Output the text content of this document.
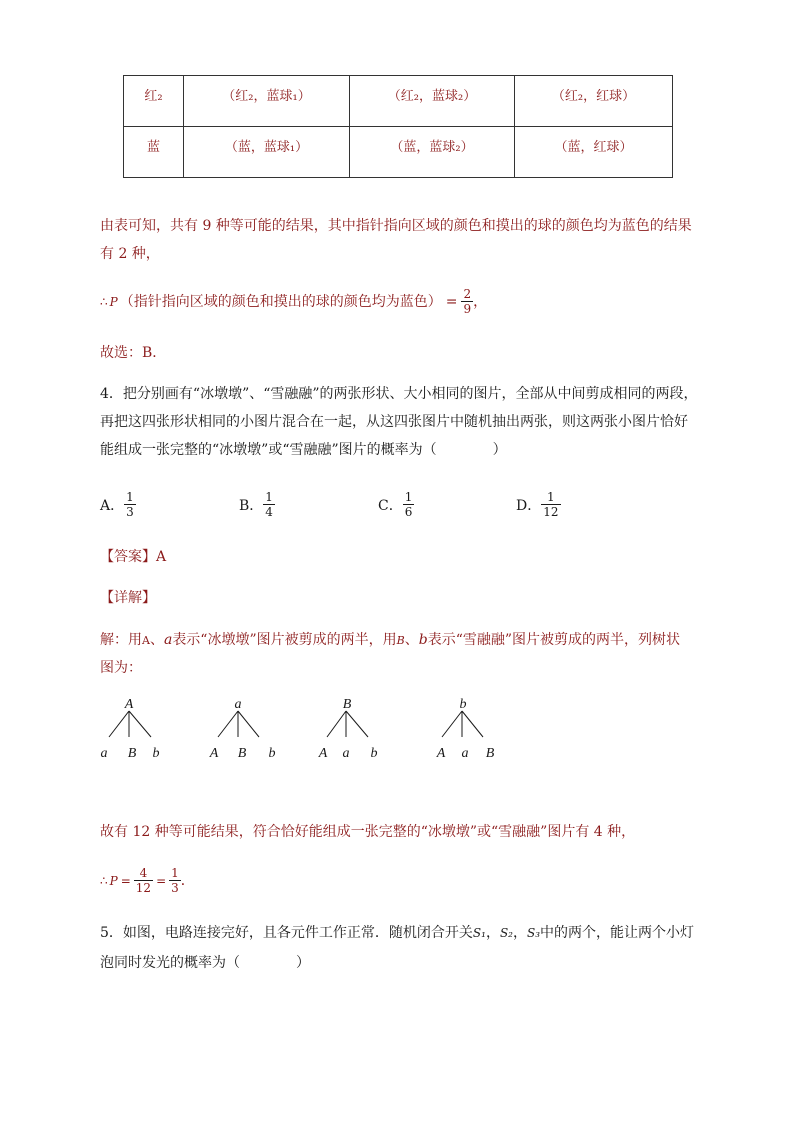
红₂	（红₂，蓝球₁）	（红₂，蓝球₂）	（红₂，红球）

蓝	（蓝，蓝球₁）	（蓝，蓝球₂）	（蓝，红球）
由表可知，共有 9 种等可能的结果，其中指针指向区域的颜色和摸出的球的颜色均为蓝色的结果
有 2 种，
∴ P （指针指向区域的颜色和摸出的球的颜色均为蓝色） = $\frac{2}{9}$ ，
故选：B．
4．把分别画有“冰墩墩”、“雪融融”的两张形状、大小相同的图片，全部从中间剪成相同的两段，
再把这四张形状相同的小图片混合在一起，从这四张图片中随机抽出两张，则这两张小图片恰好
能组成一张完整的“冰墩墩”或“雪融融”图片的概率为（　　　　）
A． $\frac{1}{3}$	B． $\frac{1}{4}$	C． $\frac{1}{6}$	D． $\frac{1}{12}$
【答案】A
【详解】
解：用A、a表示“冰墩墩”图片被剪成的两半，用B、b表示“雪融融”图片被剪成的两半，列树状
图为：
A
a B b
a
A B b
B
A a b
b
A a B
故有 12 种等可能结果，符合恰好能组成一张完整的“冰墩墩”或“雪融融”图片有 4 种，
∴ $P = \frac{4}{12} = \frac{1}{3}$ ．
5．如图，电路连接完好，且各元件工作正常．随机闭合开关S₁，S₂，S₃中的两个，能让两个小灯
泡同时发光的概率为（　　　　）
